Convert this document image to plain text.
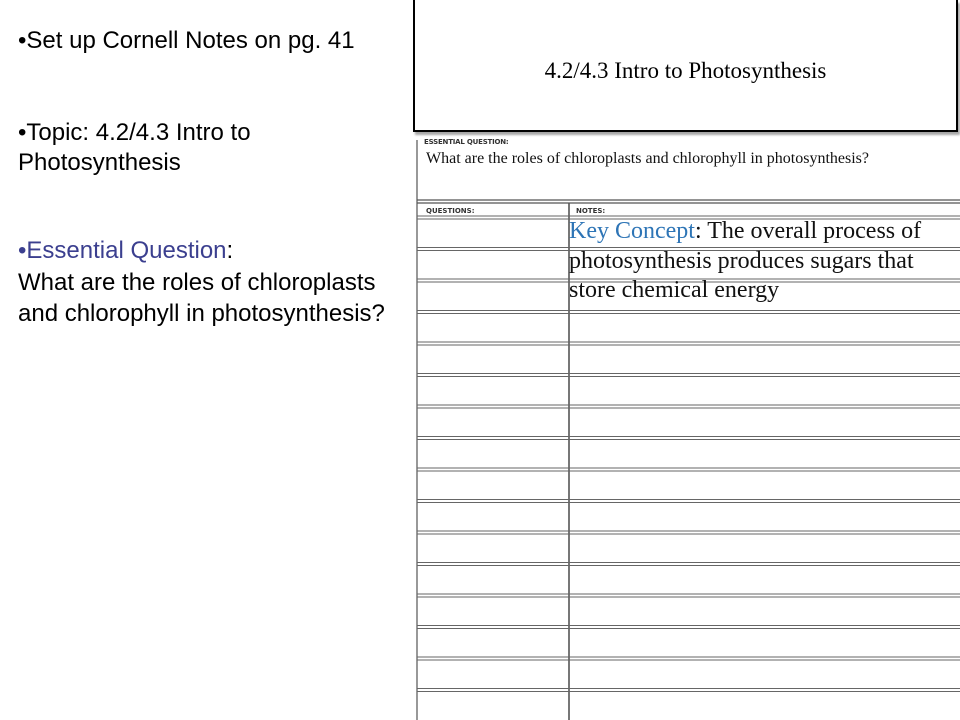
•Set up Cornell Notes on pg. 41

•Topic: 4.2/4.3 Intro to Photosynthesis

•Essential Question:

What are the roles of chloroplasts and chlorophyll in photosynthesis?

4.2/4.3 Intro to Photosynthesis
ESSENTIAL QUESTION:
What are the roles of chloroplasts and chlorophyll in photosynthesis?
QUESTIONS:	NOTES:
Key Concept: The overall process of photosynthesis produces sugars that store chemical energy
